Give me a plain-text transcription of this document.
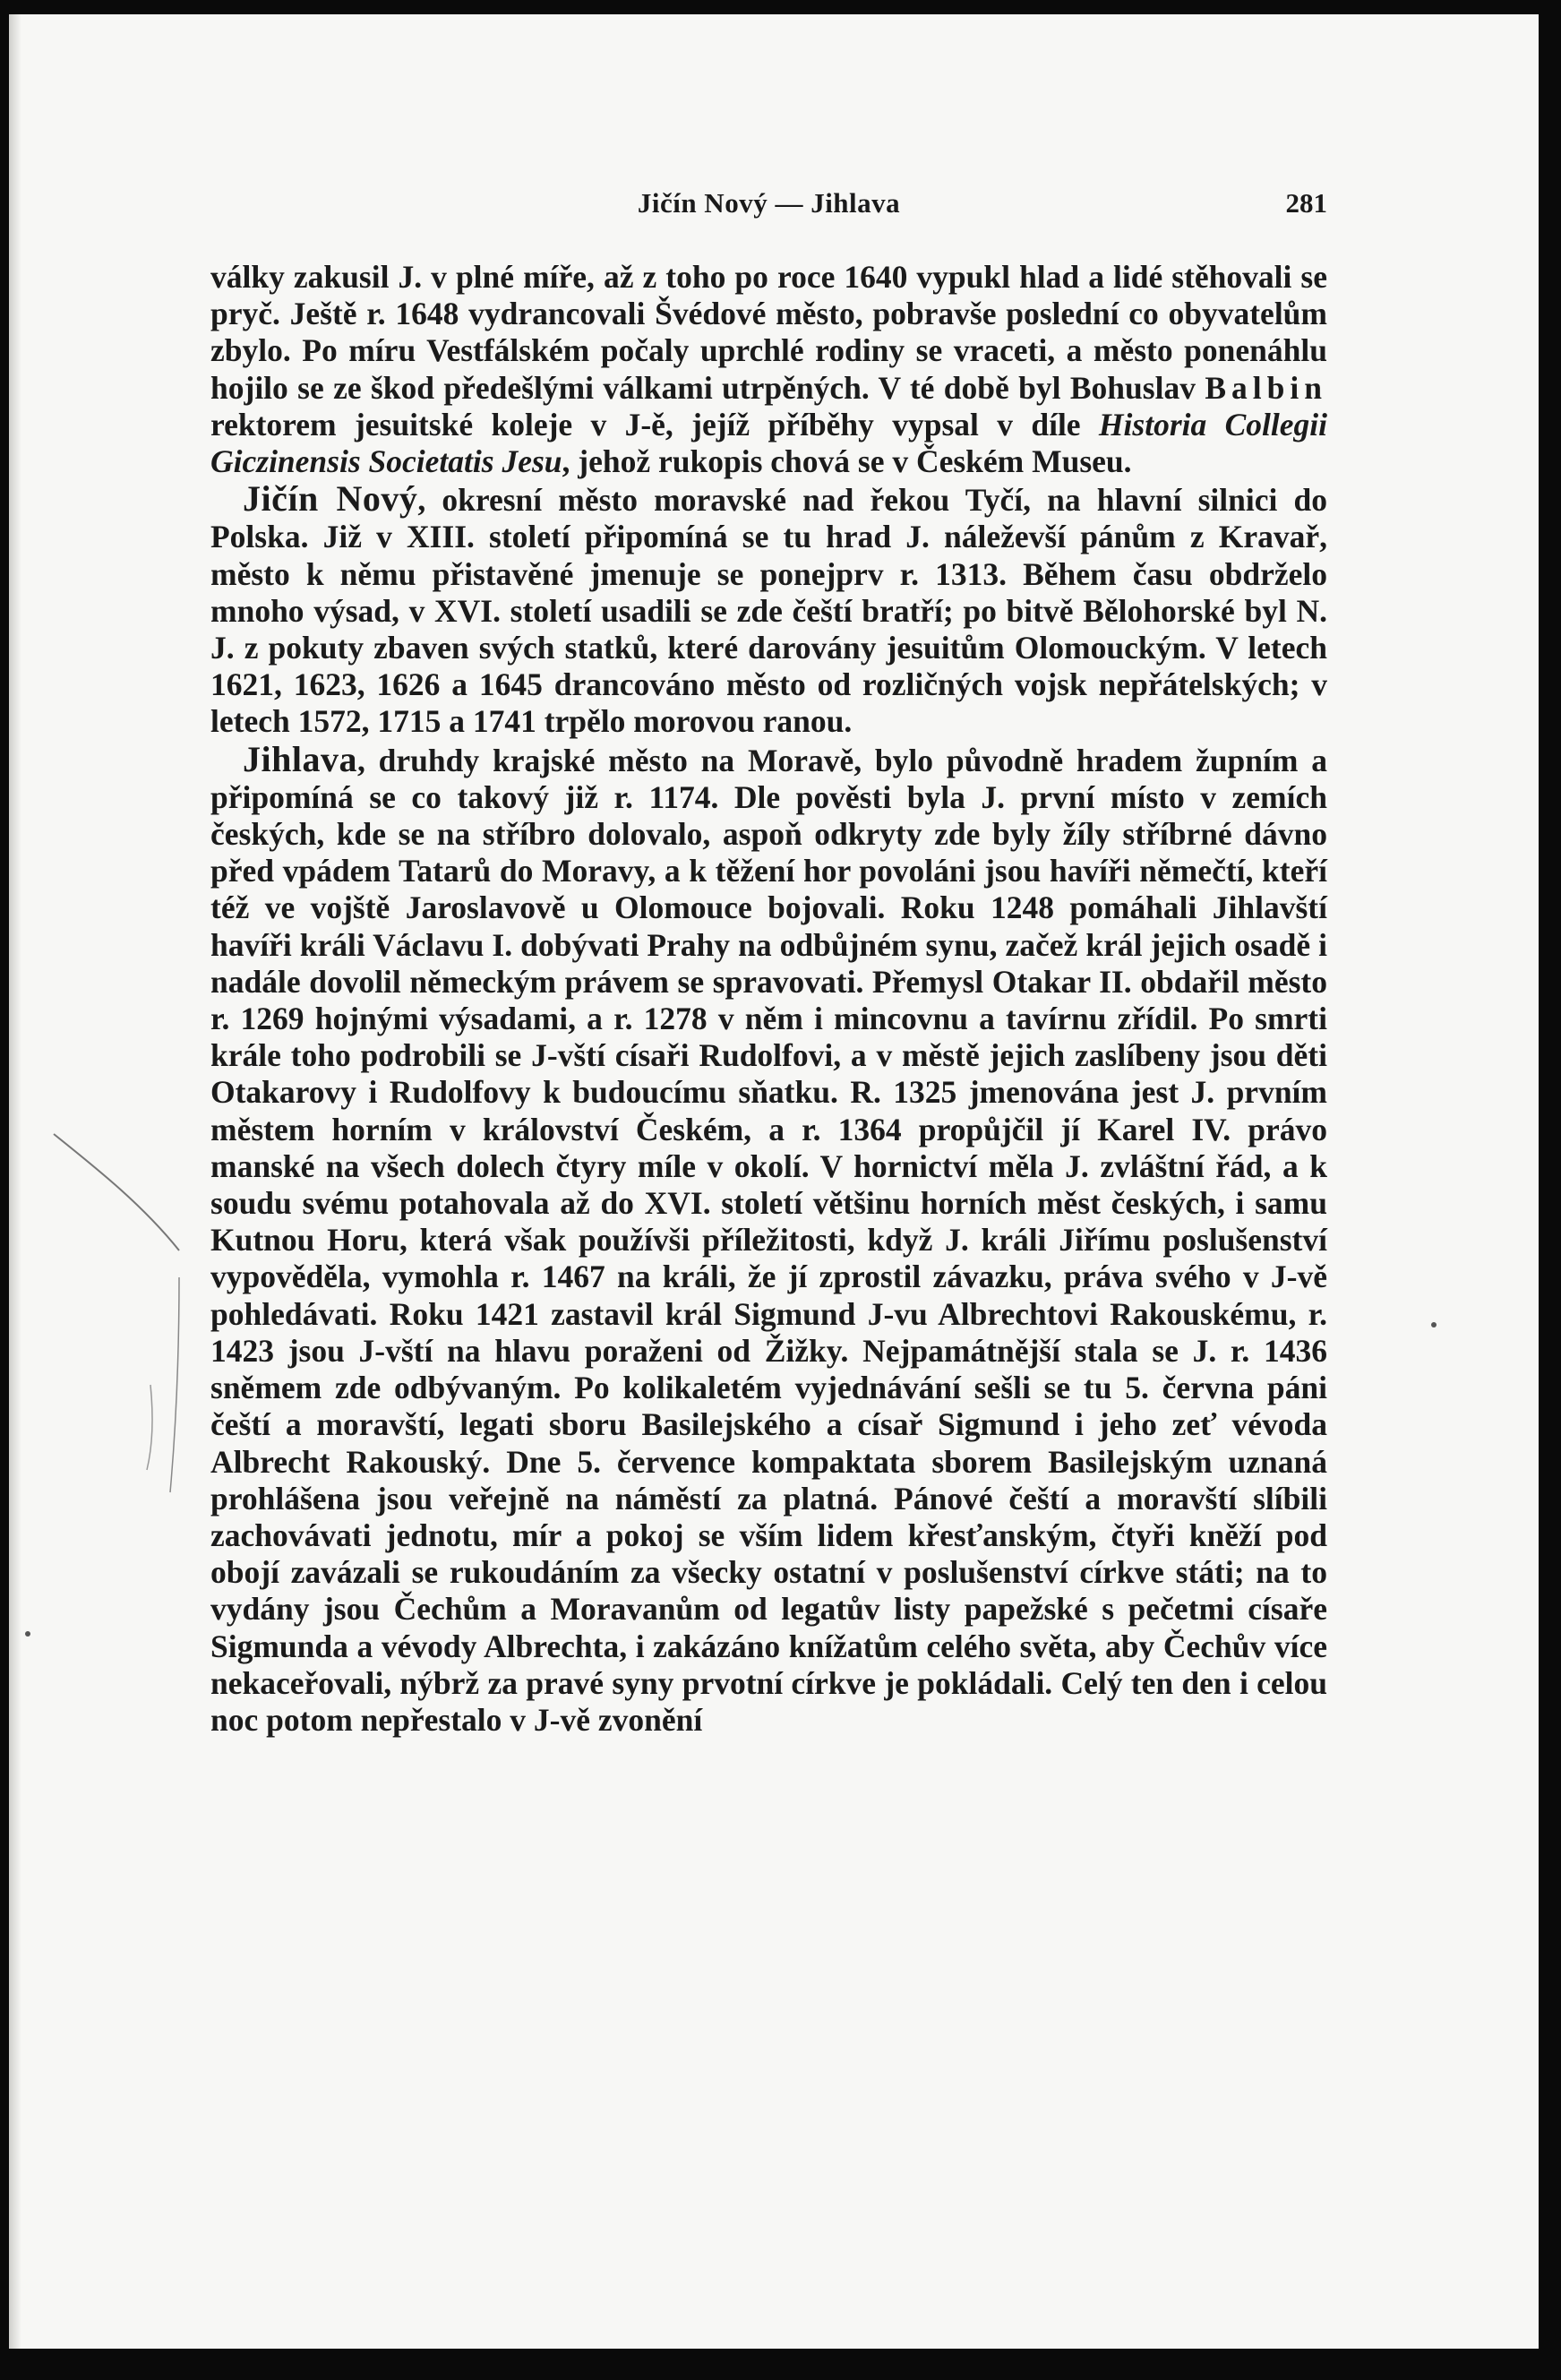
Jičín Nový — Jihlava	281

války zakusil J. v plné míře, až z toho po roce 1640 vypukl hlad a lidé stěhovali se pryč. Ještě r. 1648 vydrancovali Švédové město, pobravše poslední co obyvatelům zbylo. Po míru Vestfálském počaly uprchlé rodiny se vraceti, a město ponenáhlu hojilo se ze škod předešlými válkami utrpěných. V té době byl Bohuslav Balbin rektorem jesuitské koleje v J-ě, jejíž příběhy vypsal v díle Historia Collegii Giczinensis Societatis Jesu, jehož rukopis chová se v Českém Museu.

Jičín Nový, okresní město moravské nad řekou Tyčí, na hlavní silnici do Polska. Již v XIII. století připomíná se tu hrad J. náleževší pánům z Kravař, město k němu přistavěné jmenuje se ponejprv r. 1313. Během času obdrželo mnoho výsad, v XVI. století usadili se zde čeští bratří; po bitvě Bělohorské byl N. J. z pokuty zbaven svých statků, které darovány jesuitům Olomouckým. V letech 1621, 1623, 1626 a 1645 drancováno město od rozličných vojsk nepřátelských; v letech 1572, 1715 a 1741 trpělo morovou ranou.

Jihlava, druhdy krajské město na Moravě, bylo původně hradem župním a připomíná se co takový již r. 1174. Dle pověsti byla J. první místo v zemích českých, kde se na stříbro dolovalo, aspoň odkryty zde byly žíly stříbrné dávno před vpádem Tatarů do Moravy, a k těžení hor povoláni jsou havíři němečtí, kteří též ve vojště Jaroslavově u Olomouce bojovali. Roku 1248 pomáhali Jihlavští havíři králi Václavu I. dobývati Prahy na odbůjném synu, začež král jejich osadě i nadále dovolil německým právem se spravovati. Přemysl Otakar II. obdařil město r. 1269 hojnými výsadami, a r. 1278 v něm i mincovnu a tavírnu zřídil. Po smrti krále toho podrobili se J-vští císaři Rudolfovi, a v městě jejich zaslíbeny jsou děti Otakarovy i Rudolfovy k budoucímu sňatku. R. 1325 jmenována jest J. prvním městem horním v království Českém, a r. 1364 propůjčil jí Karel IV. právo manské na všech dolech čtyry míle v okolí. V hornictví měla J. zvláštní řád, a k soudu svému potahovala až do XVI. století většinu horních měst českých, i samu Kutnou Horu, která však používši příležitosti, když J. králi Jiřímu poslušenství vypověděla, vymohla r. 1467 na králi, že jí zprostil závazku, práva svého v J-vě pohledávati. Roku 1421 zastavil král Sigmund J-vu Albrechtovi Rakouskému, r. 1423 jsou J-vští na hlavu poraženi od Žižky. Nejpamátnější stala se J. r. 1436 sněmem zde odbývaným. Po kolikaletém vyjednávání sešli se tu 5. června páni čeští a moravští, legati sboru Basilejského a císař Sigmund i jeho zeť vévoda Albrecht Rakouský. Dne 5. července kompaktata sborem Basilejským uznaná prohlášena jsou veřejně na náměstí za platná. Pánové čeští a moravští slíbili zachovávati jednotu, mír a pokoj se vším lidem křesťanským, čtyři kněží pod obojí zavázali se rukoudáním za všecky ostatní v poslušenství církve státi; na to vydány jsou Čechům a Moravanům od legatův listy papežské s pečetmi císaře Sigmunda a vévody Albrechta, i zakázáno knížatům celého světa, aby Čechův více nekaceřovali, nýbrž za pravé syny prvotní církve je pokládali. Celý ten den i celou noc potom nepřestalo v J-vě zvonění
